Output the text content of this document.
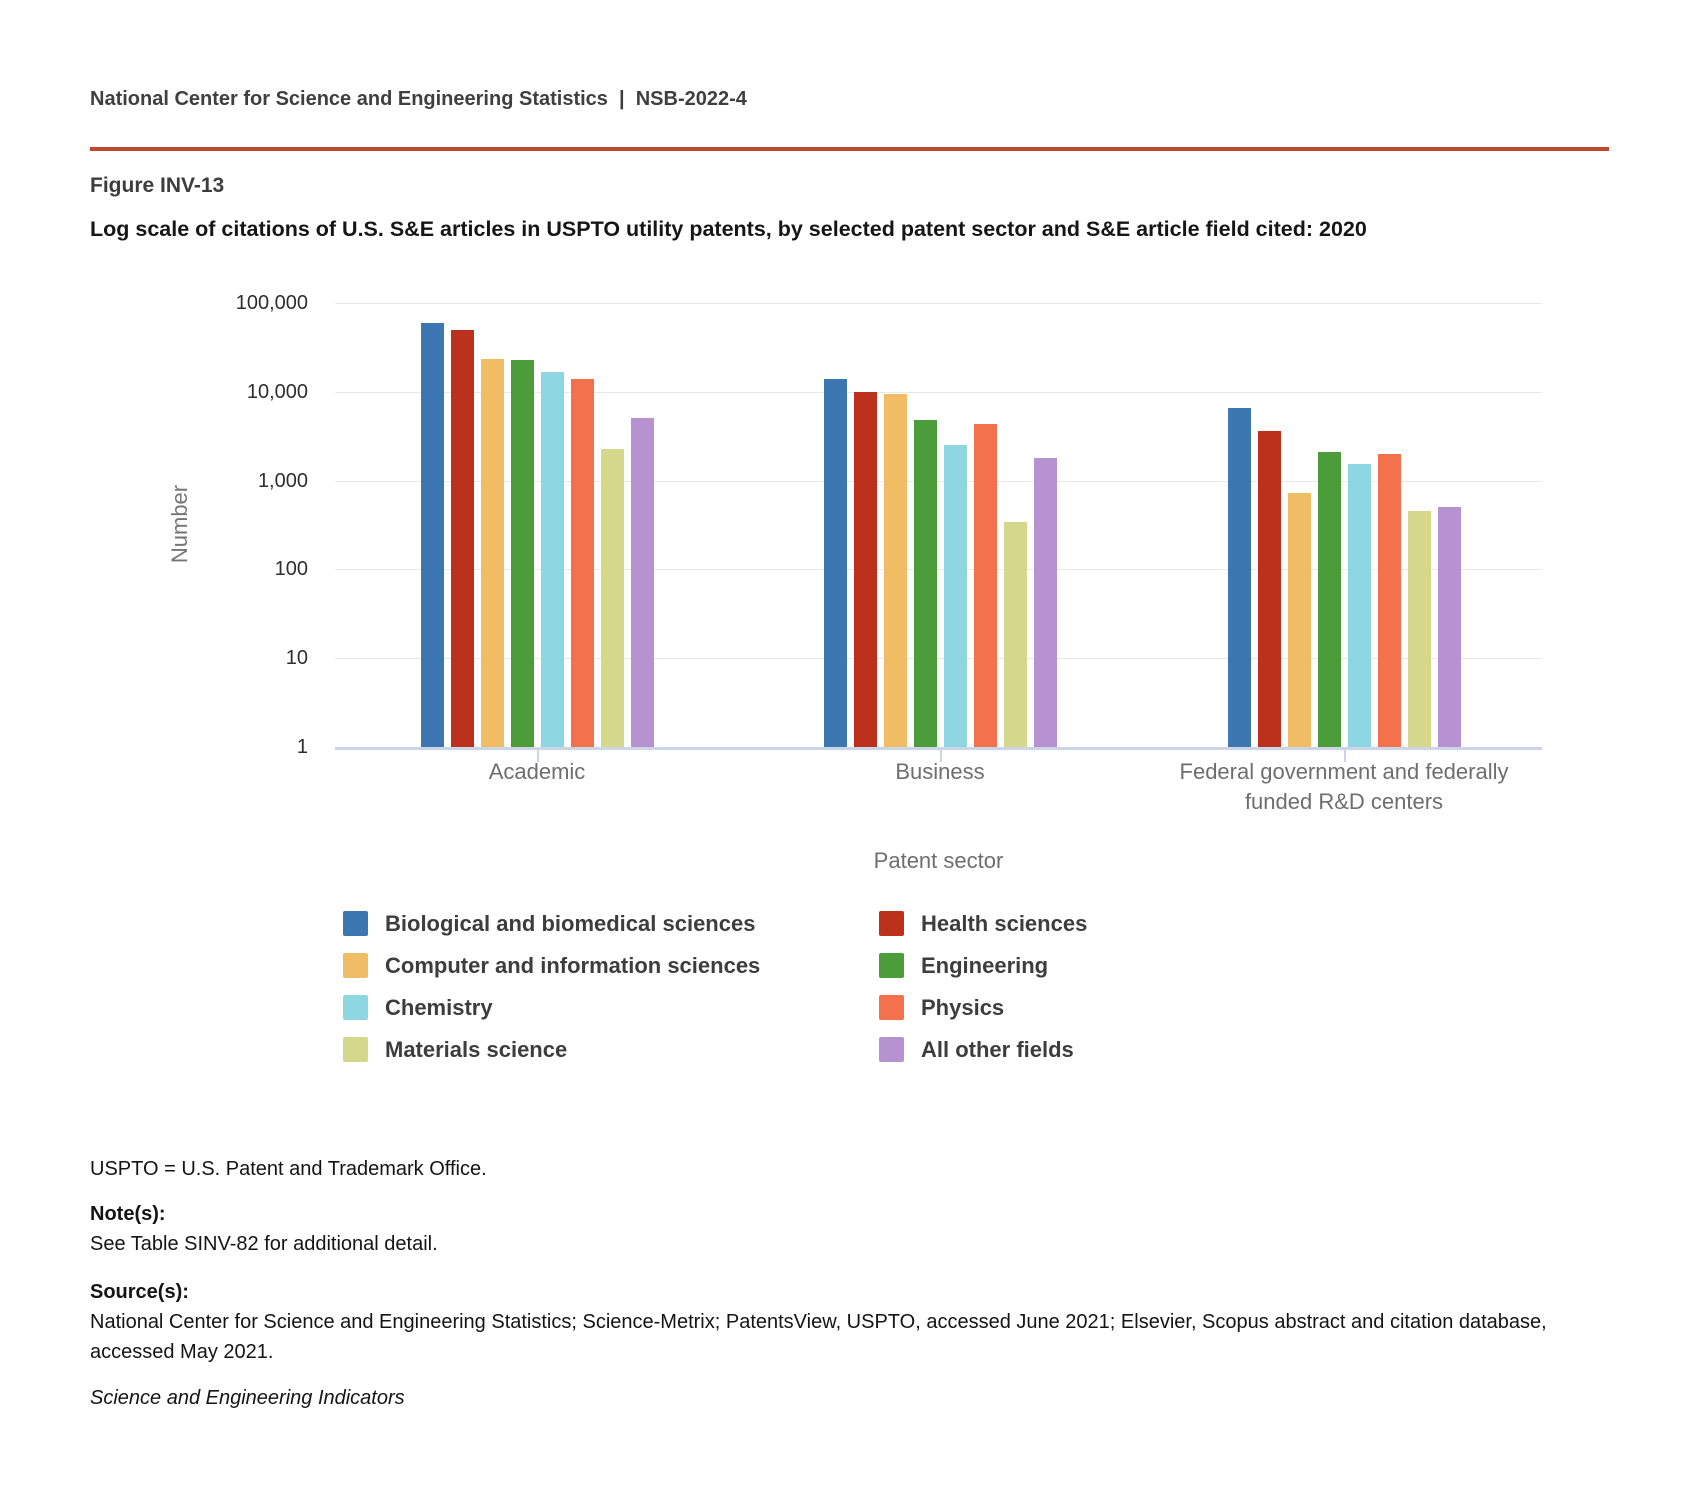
National Center for Science and Engineering Statistics  |  NSB-2022-4
Figure INV-13
Log scale of citations of U.S. S&E articles in USPTO utility patents, by selected patent sector and S&E article field cited: 2020
Number
100,000
10,000
1,000
100
10
1
Academic	Business	Federal government and federally funded R&D centers
Patent sector
Biological and biomedical sciences
Computer and information sciences
Chemistry
Materials science
Health sciences
Engineering
Physics
All other fields
USPTO = U.S. Patent and Trademark Office.
Note(s):
See Table SINV-82 for additional detail.
Source(s):
National Center for Science and Engineering Statistics; Science-Metrix; PatentsView, USPTO, accessed June 2021; Elsevier, Scopus abstract and citation database, accessed May 2021.
Science and Engineering Indicators
